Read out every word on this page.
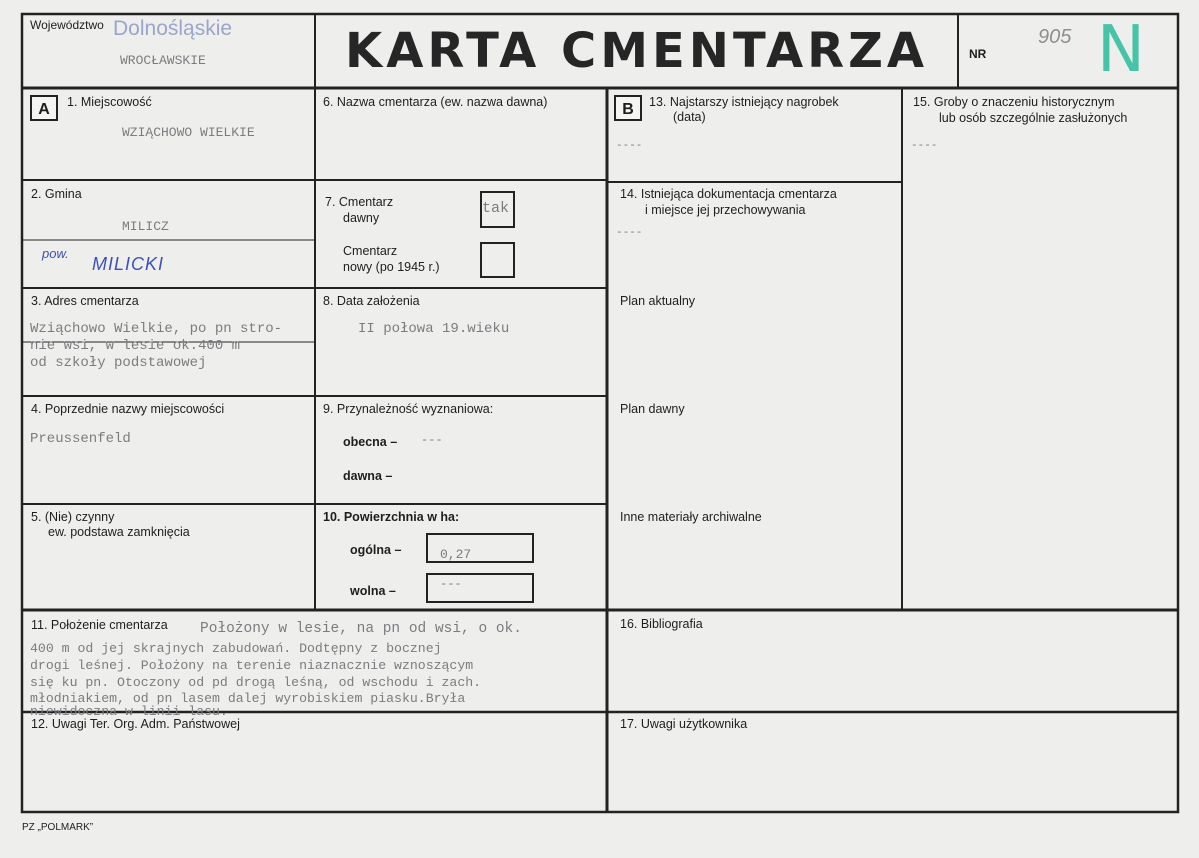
Województwo Dolnośląskie
WROCŁAWSKIE	KARTA CMENTARZA	NR
905 N
A	B
1. Miejscowość
WZIĄCHOWO WIELKIE
2. Gmina
MILICZ
pow.
MILICKI
3. Adres cmentarza
Wziąchowo Wielkie, po pn stro-
nie wsi, w lesie ok.400 m
od szkoły podstawowej
4. Poprzednie nazwy miejscowości
Preussenfeld
5. (Nie) czynny
ew. podstawa zamknięcia
6. Nazwa cmentarza (ew. nazwa dawna)
7. Cmentarz
dawny
tak
Cmentarz
nowy (po 1945 r.)
8. Data założenia
II połowa 19.wieku
9. Przynależność wyznaniowa:
obecna – ---
dawna –
10. Powierzchnia w ha:
ogólna –	0,27
wolna –	---
11. Położenie cmentarza Położony w lesie, na pn od wsi, o ok.
400 m od jej skrajnych zabudowań. Dodtępny z bocznej
drogi leśnej. Położony na terenie niaznacznie wznoszącym
się ku pn. Otoczony od pd drogą leśną, od wschodu i zach.
młodniakiem, od pn lasem dalej wyrobiskiem piasku.Bryła
niewidoczna w linii lasu.
12. Uwagi Ter. Org. Adm. Państwowej
13. Najstarszy istniejący nagrobek
(data)
----
14. Istniejąca dokumentacja cmentarza
i miejsce jej przechowywania
----
Plan aktualny
Plan dawny
Inne materiały archiwalne
15. Groby o znaczeniu historycznym
lub osób szczególnie zasłużonych
----
16. Bibliografia
17. Uwagi użytkownika
PZ „POLMARK”
